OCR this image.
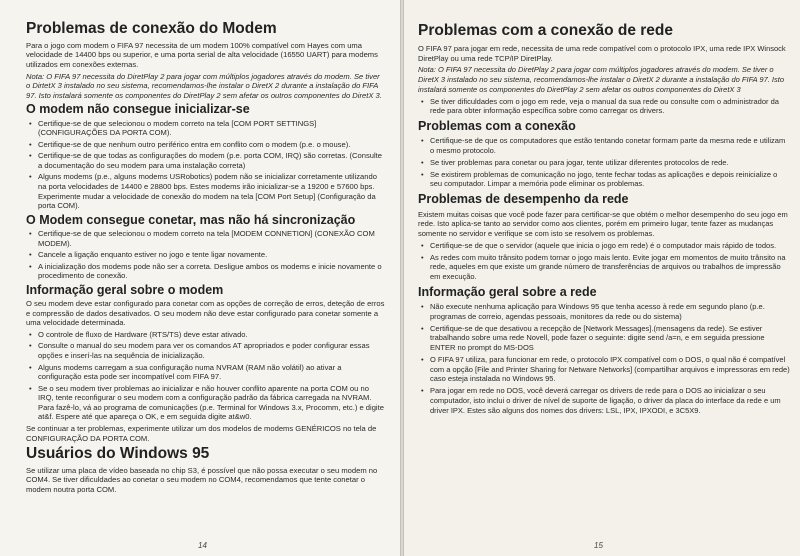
Problemas de conexão do Modem

Para o jogo com modem o FIFA 97 necessita de um modem 100% compatível com Hayes com uma velocidade de 14400 bps ou superior, e uma porta serial de alta velocidade (16550 UART) para modems utilizados em conexões externas.

Nota: O FIFA 97 necessita do DiretPlay 2 para jogar com múltiplos jogadores através do modem. Se tiver o DirtetX 3 instalado no seu sistema, recomendamos-lhe instalar o DiretX 2 durante a instalação do FIFA 97. Isto instalará somente os componentes do DiretPlay 2 sem afetar os outros componentes do DiretX 3.

O modem não consegue inicializar-se
• Certifique-se de que selecionou o modem correto na tela [COM PORT SETTINGS] (CONFIGURAÇÕES DA PORTA COM).
• Certifique-se de que nenhum outro periférico entra em conflito com o modem (p.e. o mouse).
• Certifique-se de que todas as configurações do modem (p.e. porta COM, IRQ) são corretas. (Consulte a documentação do seu modem para uma instalação correta)
• Alguns modems (p.e., alguns modems USRobotics) podem não se inicializar corretamente utilizando na porta velocidades de 14400 e 28800 bps. Estes modems irão inicializar-se a 19200 e 57600 bps. Experimente mudar a velocidade de conexão do modem na tela [COM Port Setup] (Configuração da porta COM).
O Modem consegue conetar, mas não há sincronização
• Certifique-se de que selecionou o modem correto na tela [MODEM CONNETION] (CONEXÃO COM MODEM).
• Cancele a ligação enquanto estiver no jogo e tente ligar novamente.
• A inicialização dos modems pode não ser a correta. Desligue ambos os modems e inicie novamente o procedimento de conexão.
Informação geral sobre o modem

O seu modem deve estar configurado para conetar com as opções de correção de erros, deteção de erros e compressão de dados desativados. O seu modem não deve estar configurado para conetar somente a uma velocidade determinada.

• O controle de fluxo de Hardware (RTS/TS) deve estar ativado.
• Consulte o manual do seu modem para ver os comandos AT apropriados e poder configurar essas opções e inserí-las na sequência de inicialização.
• Alguns modems carregam a sua configuração numa NVRAM (RAM não volátil) ao ativar a configuração esta pode ser incompatível com FIFA 97.
• Se o seu modem tiver problemas ao inicializar e não houver conflito aparente na porta COM ou no IRQ, tente reconfigurar o seu modem com a configuração padrão da fábrica carregada na NVRAM. Para fazê-lo, vá ao programa de comunicações (p.e. Terminal for Windows 3.x, Procomm, etc.) e digite at&f. Espere até que apareça o OK, e em seguida digite at&w0.

Se continuar a ter problemas, experimente utilizar um dos modelos de modems GENÉRICOS no tela de CONFIGURAÇÃO DA PORTA COM.

Usuários do Windows 95

Se utilizar uma placa de vídeo baseada no chip S3, é possível que não possa executar o seu modem no COM4. Se tiver dificuldades ao conetar o seu modem no COM4, recomendamos que tente conetar o modem noutra porta COM.

14
Problemas com a conexão de rede

O FIFA 97 para jogar em rede, necessita de uma rede compatível com o protocolo IPX, uma rede IPX Winsock DiretPlay ou uma rede TCP/IP DiretPlay.

Nota: O FIFA 97 necessita do DiretPlay 2 para jogar com múltiplos jogadores através do modem. Se tiver o DiretX 3 instalado no seu sistema, recomendamos-lhe instalar o DiretX 2 durante a instalação do FIFA 97. Isto instalará somente os componentes do DiretPlay 2 sem afetar os outros componentes do DiretX 3

• Se tiver dificuldades com o jogo em rede, veja o manual da sua rede ou consulte com o administrador da rede para obter informação específica sobre como carregar os drivers.
Problemas com a conexão
• Certifique-se de que os computadores que estão tentando conetar formam parte da mesma rede e utilizam o mesmo protocolo.
• Se tiver problemas para conetar ou para jogar, tente utilizar diferentes protocolos de rede.
• Se existirem problemas de comunicação no jogo, tente fechar todas as aplicações e depois reinicialize o seu computador. Limpar a memória pode eliminar os problemas.
Problemas de desempenho da rede

Existem muitas coisas que você pode fazer para certificar-se que obtém o melhor desempenho do seu jogo em rede. Isto aplica-se tanto ao servidor como aos clientes, porém em primeiro lugar, tente fazer as mudanças somente no servidor e verifique se com isto se resolvem os problemas.

• Certifique-se de que o servidor (aquele que inicia o jogo em rede) é o computador mais rápido de todos.
• As redes com muito trânsito podem tornar o jogo mais lento. Evite jogar em momentos de muito trânsito na rede, aqueles em que existe um grande número de transferências de arquivos ou trabalhos de impressão em execução.
Informação geral sobre a rede
• Não execute nenhuma aplicação para Windows 95 que tenha acesso à rede em segundo plano (p.e. programas de correio, agendas pessoais, monitores da rede ou do sistema)
• Certifique-se de que desativou a recepção de [Network Messages].(mensagens da rede). Se estiver trabalhando sobre uma rede Novell, pode fazer o seguinte: digite send /a=n, e em seguida pressione ENTER no prompt do MS-DOS
• O FIFA 97 utiliza, para funcionar em rede, o protocolo IPX compatível com o DOS, o qual não é compatível com a opção [File and Printer Sharing for Netware Networks] (compartilhar arquivos e impressoras em rede) caso esteja instalada no Windows 95.
• Para jogar em rede no DOS, você deverá carregar os drivers de rede para o DOS ao inicializar o seu computador, isto inclui o driver de nível de suporte de ligação, o driver da placa do interface da rede e um driver IPX. Estes são alguns dos nomes dos drivers: LSL, IPX, IPXODI, e 3C5X9.
15
